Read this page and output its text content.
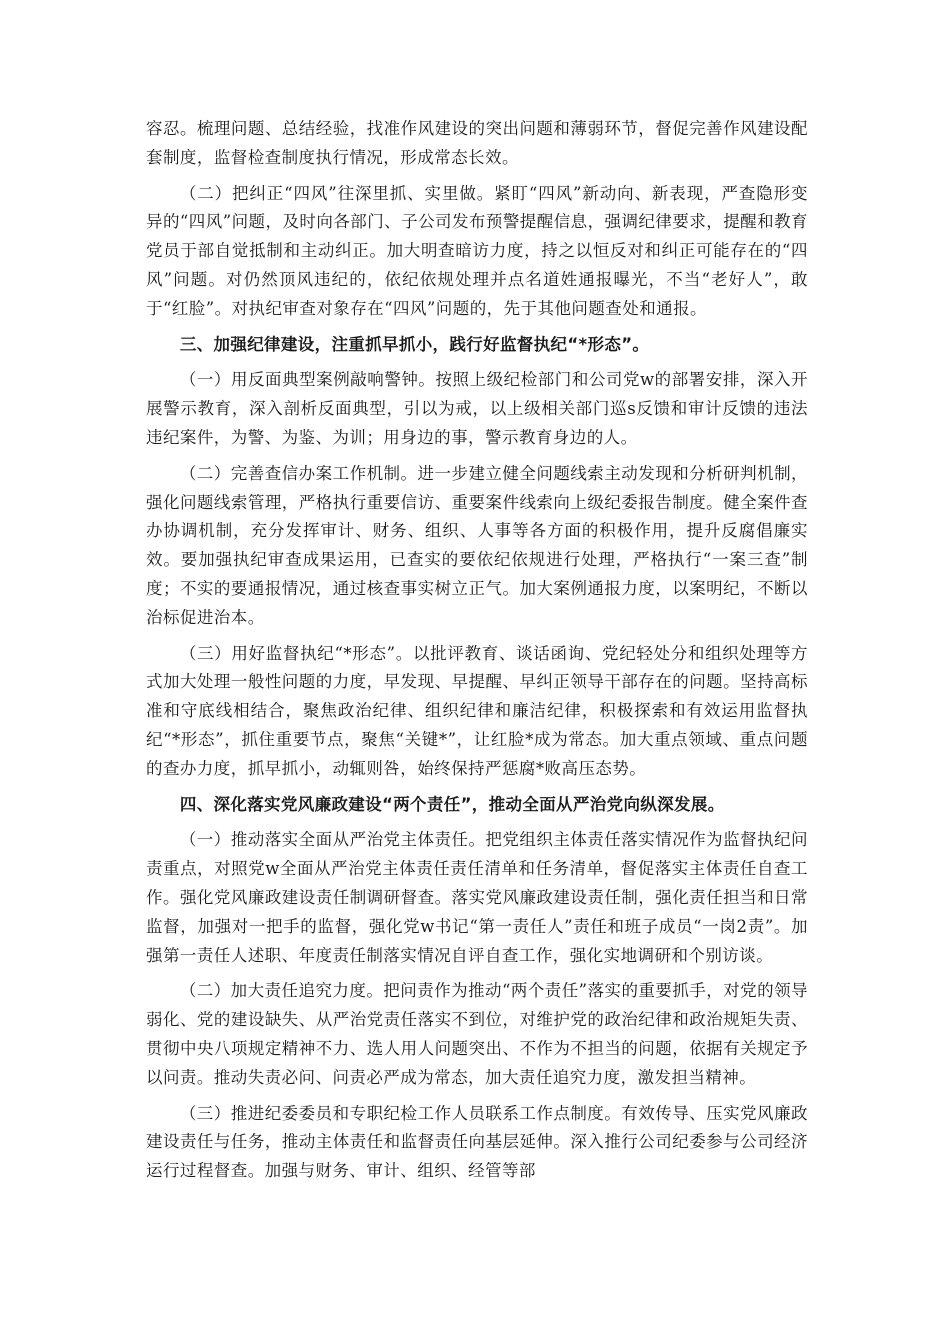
容忍。梳理问题、总结经验，找准作风建设的突出问题和薄弱环节，督促完善作风建设配套制度，监督检查制度执行情况，形成常态长效。

（二）把纠正“四风”往深里抓、实里做。紧盯“四风”新动向、新表现，严查隐形变异的“四风”问题，及时向各部门、子公司发布预警提醒信息，强调纪律要求，提醒和教育党员于部自觉抵制和主动纠正。加大明查暗访力度，持之以恒反对和纠正可能存在的“四风”问题。对仍然顶风违纪的，依纪依规处理并点名道姓通报曝光，不当“老好人”，敢于“红脸”。对执纪审查对象存在“四风”问题的，先于其他问题查处和通报。

三、加强纪律建设，注重抓早抓小，践行好监督执纪“*形态”。

（一）用反面典型案例敲响警钟。按照上级纪检部门和公司党w的部署安排，深入开展警示教育，深入剖析反面典型，引以为戒，以上级相关部门巡s反馈和审计反馈的违法违纪案件，为警、为鉴、为训；用身边的事，警示教育身边的人。

（二）完善查信办案工作机制。进一步建立健全问题线索主动发现和分析研判机制，强化问题线索管理，严格执行重要信访、重要案件线索向上级纪委报告制度。健全案件查办协调机制，充分发挥审计、财务、组织、人事等各方面的积极作用，提升反腐倡廉实效。要加强执纪审查成果运用，已查实的要依纪依规进行处理，严格执行“一案三查”制度；不实的要通报情况，通过核查事实树立正气。加大案例通报力度，以案明纪，不断以治标促进治本。

（三）用好监督执纪“*形态”。以批评教育、谈话函询、党纪轻处分和组织处理等方式加大处理一般性问题的力度，早发现、早提醒、早纠正领导干部存在的问题。坚持高标准和守底线相结合，聚焦政治纪律、组织纪律和廉洁纪律，积极探索和有效运用监督执纪“*形态”，抓住重要节点，聚焦“关键*”，让红脸*成为常态。加大重点领域、重点问题的查办力度，抓早抓小，动辄则咎，始终保持严惩腐*败高压态势。

四、深化落实党风廉政建设“两个责任”，推动全面从严治党向纵深发展。

（一）推动落实全面从严治党主体责任。把党组织主体责任落实情况作为监督执纪问责重点，对照党w全面从严治党主体责任责任清单和任务清单，督促落实主体责任自查工作。强化党风廉政建设责任制调研督查。落实党风廉政建设责任制，强化责任担当和日常监督，加强对一把手的监督，强化党w书记“第一责任人”责任和班子成员“一岗2责”。加强第一责任人述职、年度责任制落实情况自评自查工作，强化实地调研和个别访谈。

（二）加大责任追究力度。把问责作为推动“两个责任”落实的重要抓手，对党的领导弱化、党的建设缺失、从严治党责任落实不到位，对维护党的政治纪律和政治规矩失责、贯彻中央八项规定精神不力、选人用人问题突出、不作为不担当的问题，依据有关规定予以问责。推动失责必问、问责必严成为常态，加大责任追究力度，激发担当精神。

（三）推进纪委委员和专职纪检工作人员联系工作点制度。有效传导、压实党风廉政建设责任与任务，推动主体责任和监督责任向基层延伸。深入推行公司纪委参与公司经济运行过程督查。加强与财务、审计、组织、经管等部
